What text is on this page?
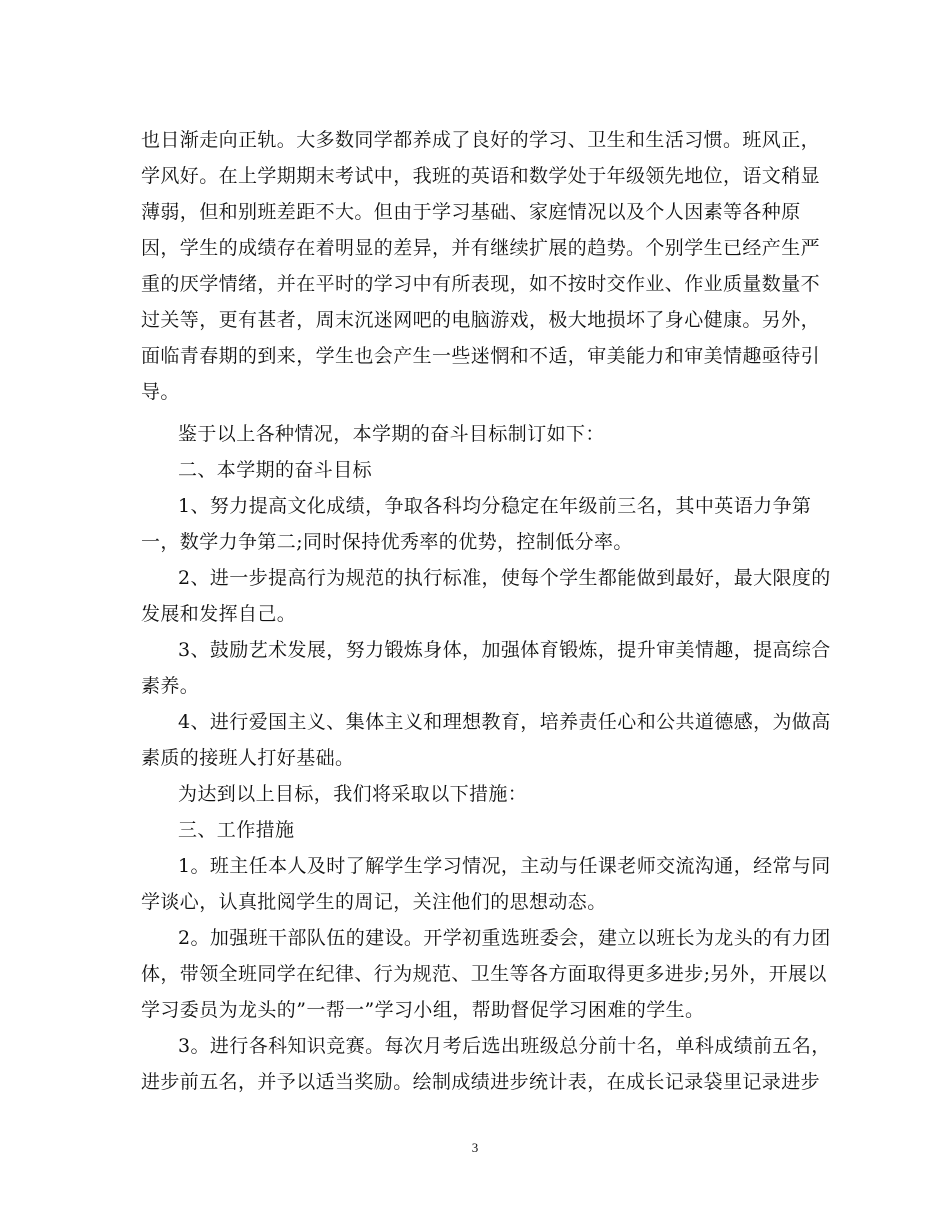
也日渐走向正轨。大多数同学都养成了良好的学习、卫生和生活习惯。班风正，
学风好。在上学期期末考试中，我班的英语和数学处于年级领先地位，语文稍显
薄弱，但和别班差距不大。但由于学习基础、家庭情况以及个人因素等各种原
因，学生的成绩存在着明显的差异，并有继续扩展的趋势。个别学生已经产生严
重的厌学情绪，并在平时的学习中有所表现，如不按时交作业、作业质量数量不
过关等，更有甚者，周末沉迷网吧的电脑游戏，极大地损坏了身心健康。另外，
面临青春期的到来，学生也会产生一些迷惘和不适，审美能力和审美情趣亟待引
导。
鉴于以上各种情况，本学期的奋斗目标制订如下：
二、本学期的奋斗目标
1、努力提高文化成绩，争取各科均分稳定在年级前三名，其中英语力争第
一，数学力争第二;同时保持优秀率的优势，控制低分率。
2、进一步提高行为规范的执行标准，使每个学生都能做到最好，最大限度的
发展和发挥自己。
3、鼓励艺术发展，努力锻炼身体，加强体育锻炼，提升审美情趣，提高综合
素养。
4、进行爱国主义、集体主义和理想教育，培养责任心和公共道德感，为做高
素质的接班人打好基础。
为达到以上目标，我们将采取以下措施：
三、工作措施
1。班主任本人及时了解学生学习情况，主动与任课老师交流沟通，经常与同
学谈心，认真批阅学生的周记，关注他们的思想动态。
2。加强班干部队伍的建设。开学初重选班委会，建立以班长为龙头的有力团
体，带领全班同学在纪律、行为规范、卫生等各方面取得更多进步;另外，开展以
学习委员为龙头的”一帮一”学习小组，帮助督促学习困难的学生。
3。进行各科知识竞赛。每次月考后选出班级总分前十名，单科成绩前五名，
进步前五名，并予以适当奖励。绘制成绩进步统计表，在成长记录袋里记录进步
3
